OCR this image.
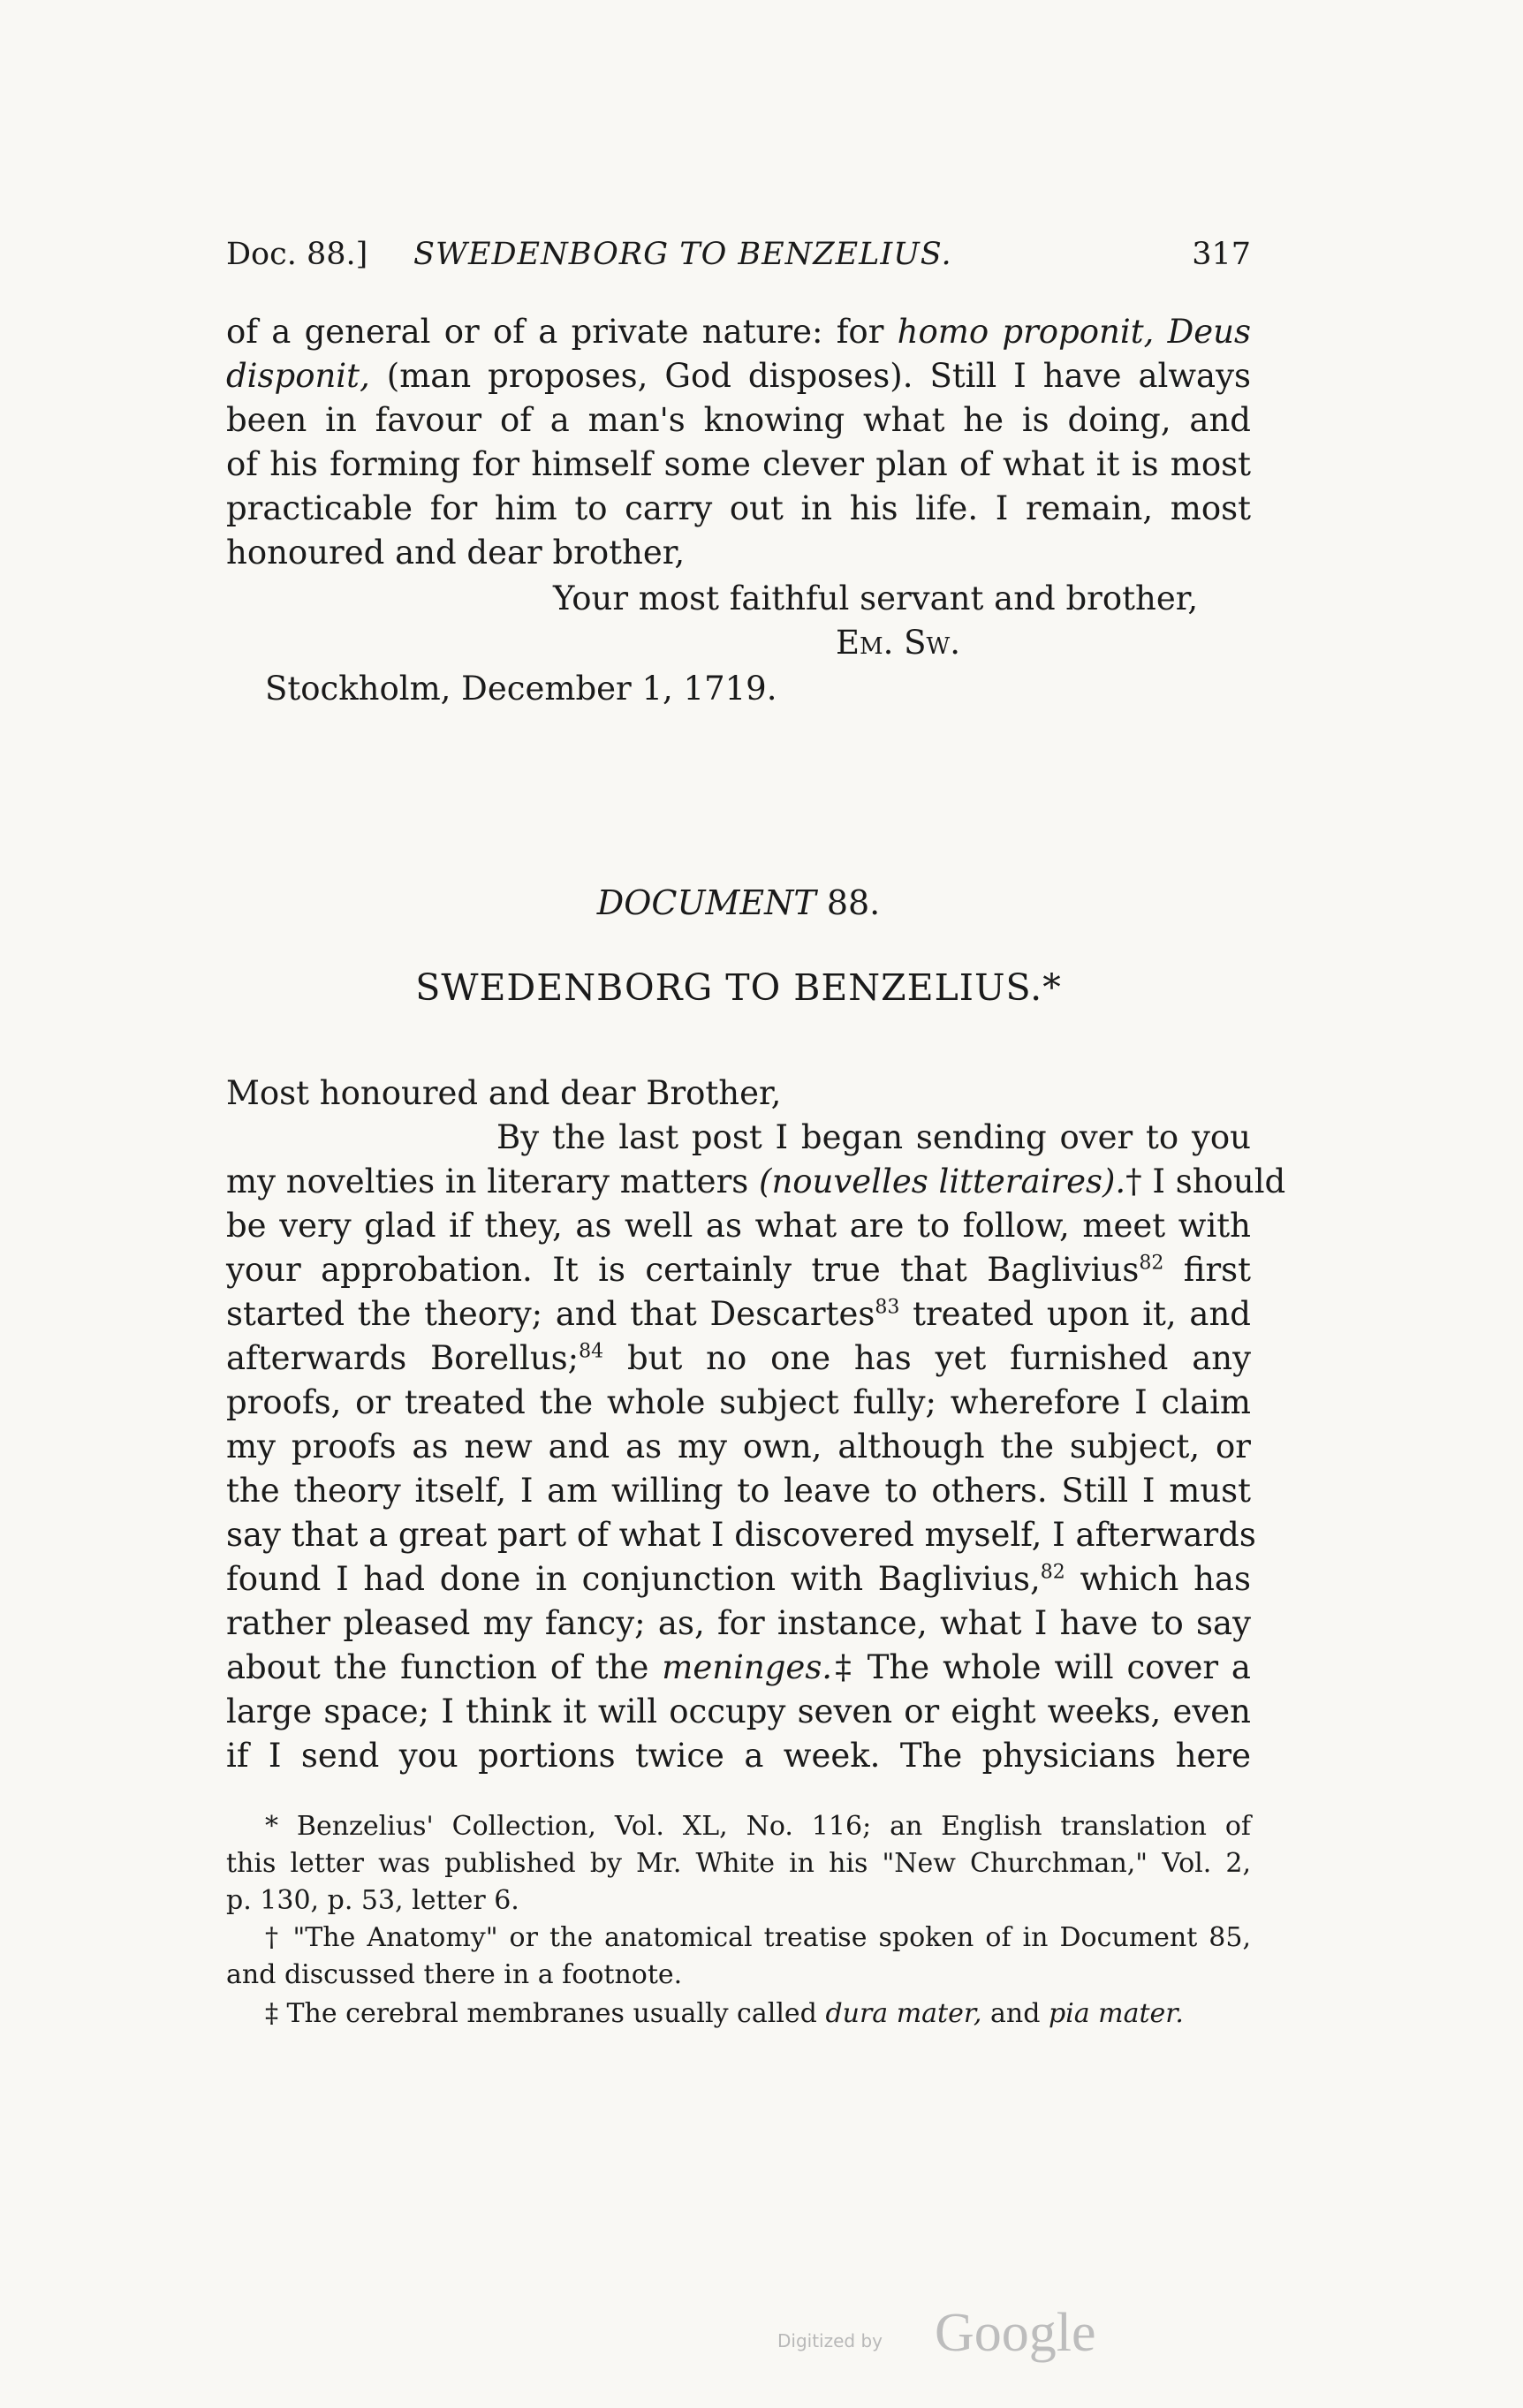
Doc. 88.] SWEDENBORG TO BENZELIUS.	317
of a general or of a private nature: for homo proponit, Deus
disponit, (man proposes, God disposes). Still I have always
been in favour of a man's knowing what he is doing, and
of his forming for himself some clever plan of what it is most
practicable for him to carry out in his life. I remain, most
honoured and dear brother,
Your most faithful servant and brother,
Em. Sw.
Stockholm, December 1, 1719.
DOCUMENT 88.
SWEDENBORG TO BENZELIUS.*
Most honoured and dear Brother,
By the last post I began sending over to you
my novelties in literary matters (nouvelles litteraires).† I should
be very glad if they, as well as what are to follow, meet with
your approbation. It is certainly true that Baglivius$^{82}$ first
started the theory; and that Descartes$^{83}$ treated upon it, and
afterwards Borellus;$^{84}$ but no one has yet furnished any
proofs, or treated the whole subject fully; wherefore I claim
my proofs as new and as my own, although the subject, or
the theory itself, I am willing to leave to others. Still I must
say that a great part of what I discovered myself, I afterwards
found I had done in conjunction with Baglivius,$^{82}$ which has
rather pleased my fancy; as, for instance, what I have to say
about the function of the meninges.‡ The whole will cover a
large space; I think it will occupy seven or eight weeks, even
if I send you portions twice a week. The physicians here
* Benzelius' Collection, Vol. XL, No. 116; an English translation of
this letter was published by Mr. White in his "New Churchman," Vol. 2,
p. 130, p. 53, letter 6.
† "The Anatomy" or the anatomical treatise spoken of in Document 85,
and discussed there in a footnote.
‡ The cerebral membranes usually called dura mater, and pia mater.
Digitized by Google
